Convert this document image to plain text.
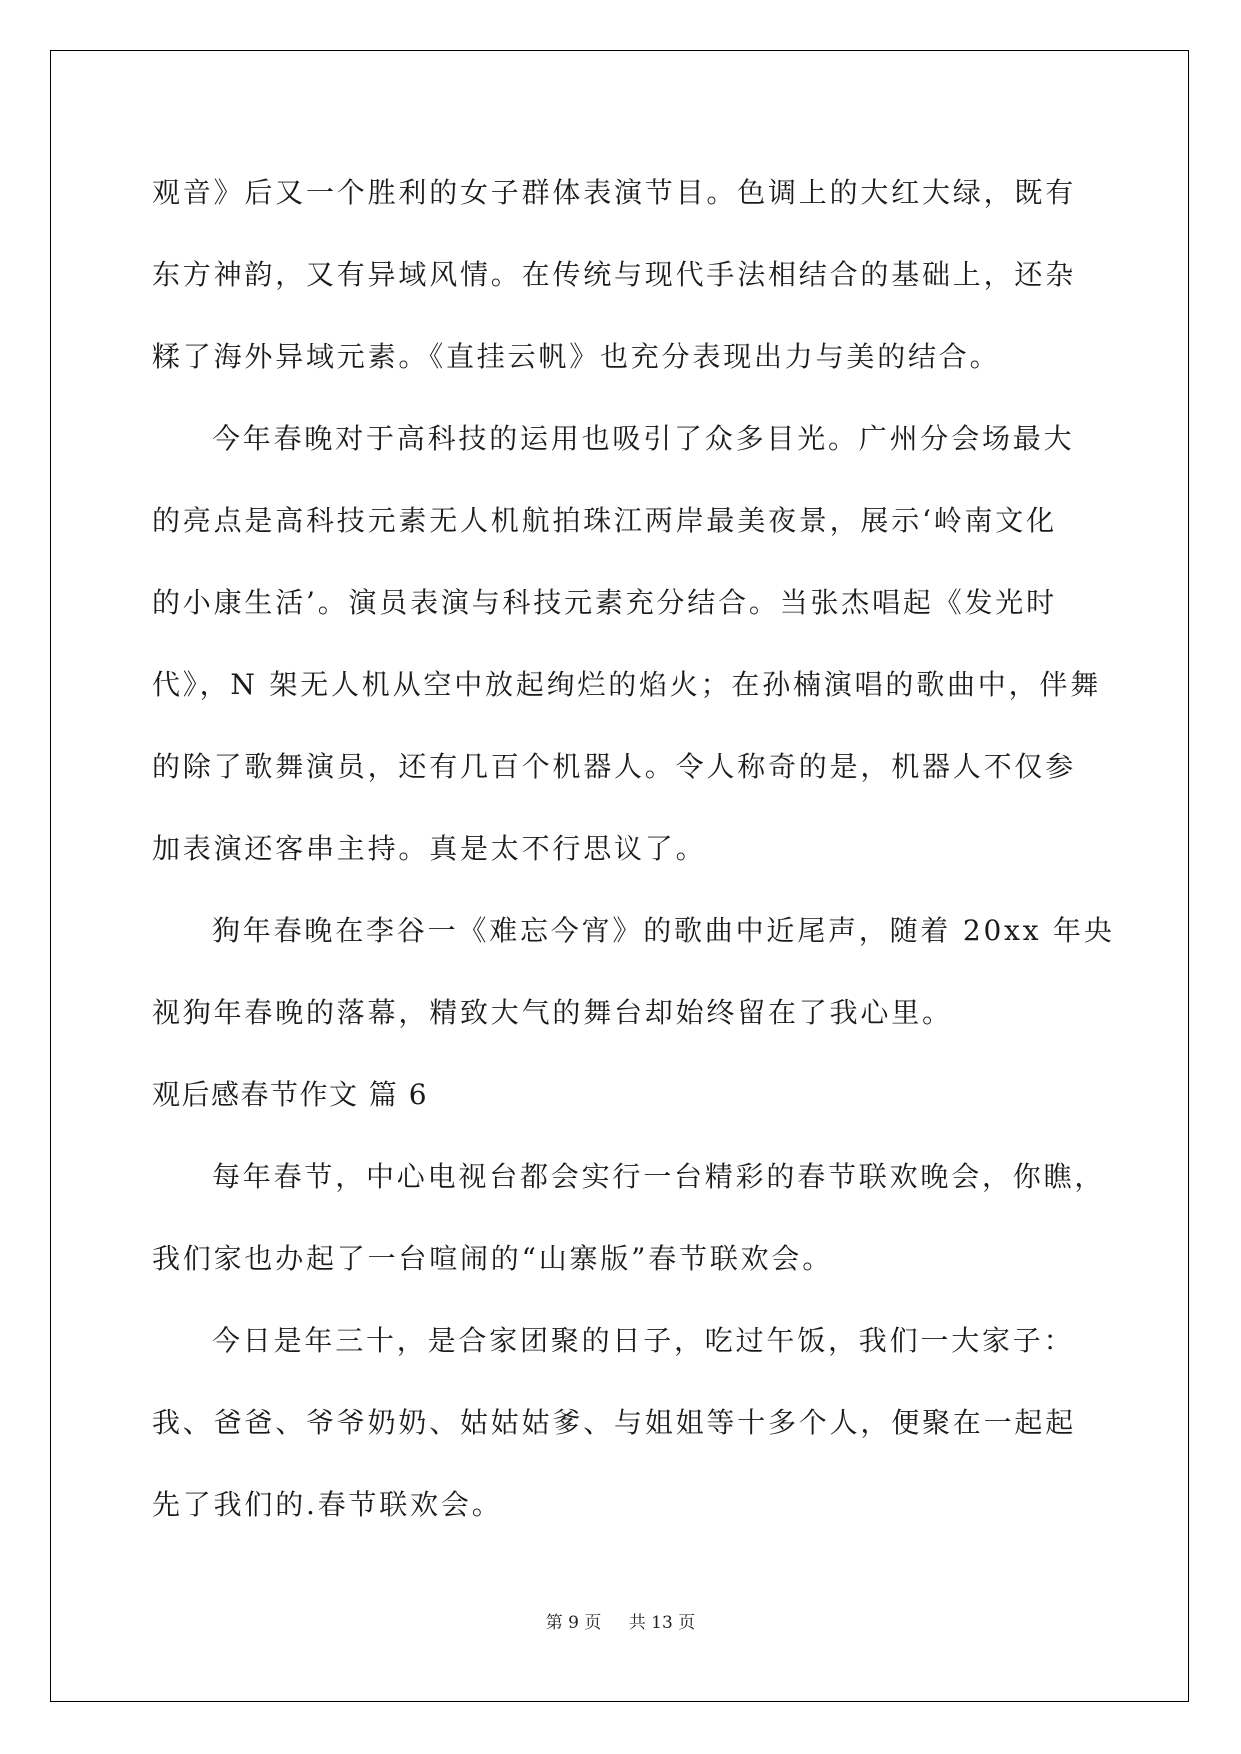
观音》后又一个胜利的女子群体表演节目。色调上的大红大绿，既有
东方神韵，又有异域风情。在传统与现代手法相结合的基础上，还杂
糅了海外异域元素。《直挂云帆》也充分表现出力与美的结合。
今年春晚对于高科技的运用也吸引了众多目光。广州分会场最大
的亮点是高科技元素无人机航拍珠江两岸最美夜景，展示‘岭南文化
的小康生活’。演员表演与科技元素充分结合。当张杰唱起《发光时
代》，N 架无人机从空中放起绚烂的焰火；在孙楠演唱的歌曲中，伴舞
的除了歌舞演员，还有几百个机器人。令人称奇的是，机器人不仅参
加表演还客串主持。真是太不行思议了。
狗年春晚在李谷一《难忘今宵》的歌曲中近尾声，随着 20xx 年央
视狗年春晚的落幕，精致大气的舞台却始终留在了我心里。
观后感春节作文 篇 6
每年春节，中心电视台都会实行一台精彩的春节联欢晚会，你瞧，
我们家也办起了一台喧闹的“山寨版”春节联欢会。
今日是年三十，是合家团聚的日子，吃过午饭，我们一大家子：
我、爸爸、爷爷奶奶、姑姑姑爹、与姐姐等十多个人，便聚在一起起
先了我们的.春节联欢会。
第 9 页 共 13 页
